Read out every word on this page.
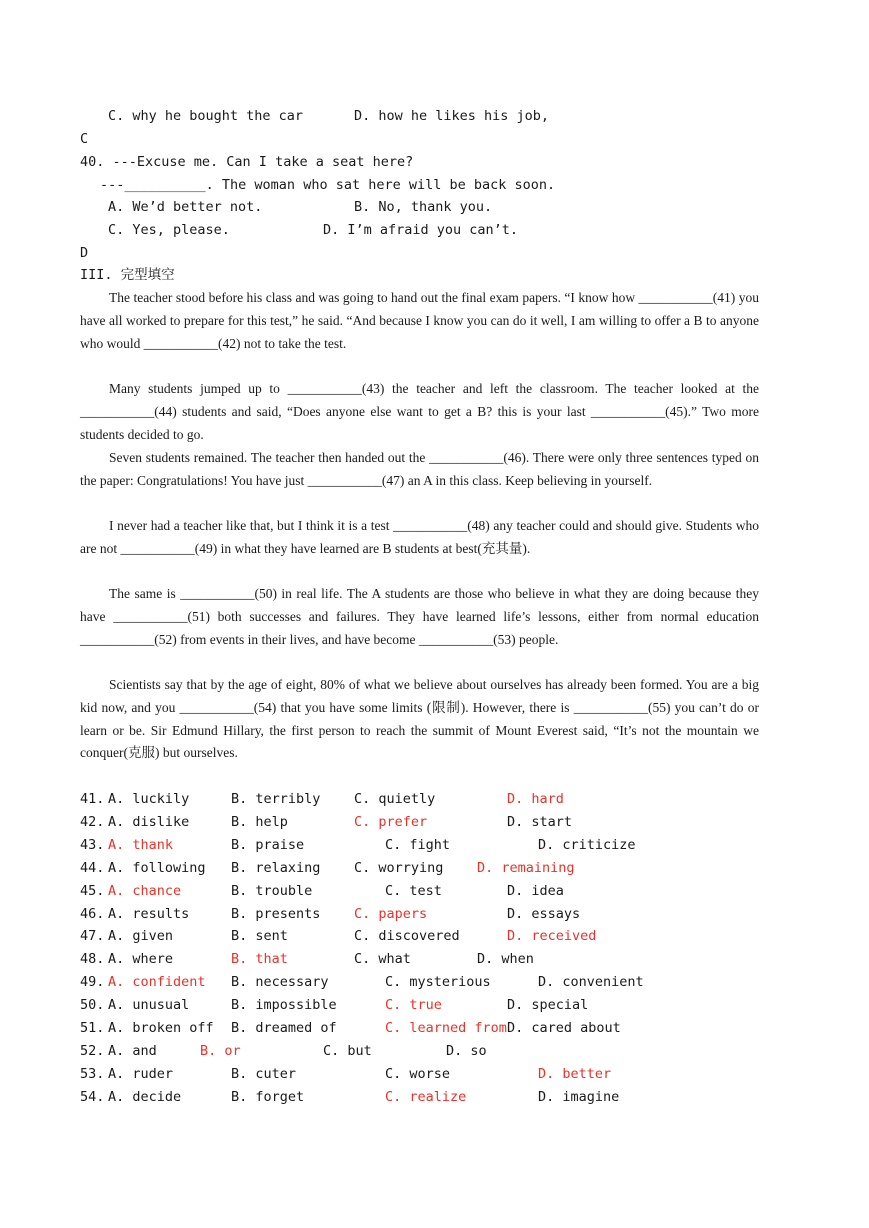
C. why he bought the car	D. how he likes his job,
C
40. ---Excuse me. Can I take a seat here?
---__________. The woman who sat here will be back soon.
A. We’d better not.	B. No, thank you.
C. Yes, please.	D. I’m afraid you can’t.
D
III. 完型填空
The teacher stood before his class and was going to hand out the final exam papers. “I know how ___________(41) you have all worked to prepare for this test,” he said. “And because I know you can do it well, I am willing to offer a B to anyone who would ___________(42) not to take the test.
Many students jumped up to ___________(43) the teacher and left the classroom. The teacher looked at the ___________(44) students and said, “Does anyone else want to get a B? this is your last ___________(45).” Two more students decided to go.
Seven students remained. The teacher then handed out the ___________(46). There were only three sentences typed on the paper: Congratulations! You have just ___________(47) an A in this class. Keep believing in yourself.
I never had a teacher like that, but I think it is a test ___________(48) any teacher could and should give. Students who are not ___________(49) in what they have learned are B students at best(充其量).
The same is ___________(50) in real life. The A students are those who believe in what they are doing because they have ___________(51) both successes and failures. They have learned life’s lessons, either from normal education ___________(52) from events in their lives, and have become ___________(53) people.
Scientists say that by the age of eight, 80% of what we believe about ourselves has already been formed. You are a big kid now, and you ___________(54) that you have some limits (限制). However, there is ___________(55) you can’t do or learn or be. Sir Edmund Hillary, the first person to reach the summit of Mount Everest said, “It’s not the mountain we conquer(克服) but ourselves.
41. A. luckily	B. terribly C. quietly	D. hard
42. A. dislike	B. help	C. prefer	D. start
43. A. thank	B. praise	C. fight	D. criticize
44. A. following B. relaxing C. worrying D. remaining
45. A. chance	B. trouble	C. test	D. idea
46. A. results	B. presents C. papers	D. essays
47. A. given	B. sent	C. discovered	D. received
48. A. where	B. that	C. what	D. when
49. A. confident B. necessary	C. mysterious	D. convenient
50. A. unusual	B. impossible	C. true	D. special
51. A. broken off B. dreamed of	C. learned from D. cared about
52. A. and	B. or	C. but	D. so
53. A. ruder	B. cuter	C. worse	D. better
54. A. decide	B. forget	C. realize	D. imagine
